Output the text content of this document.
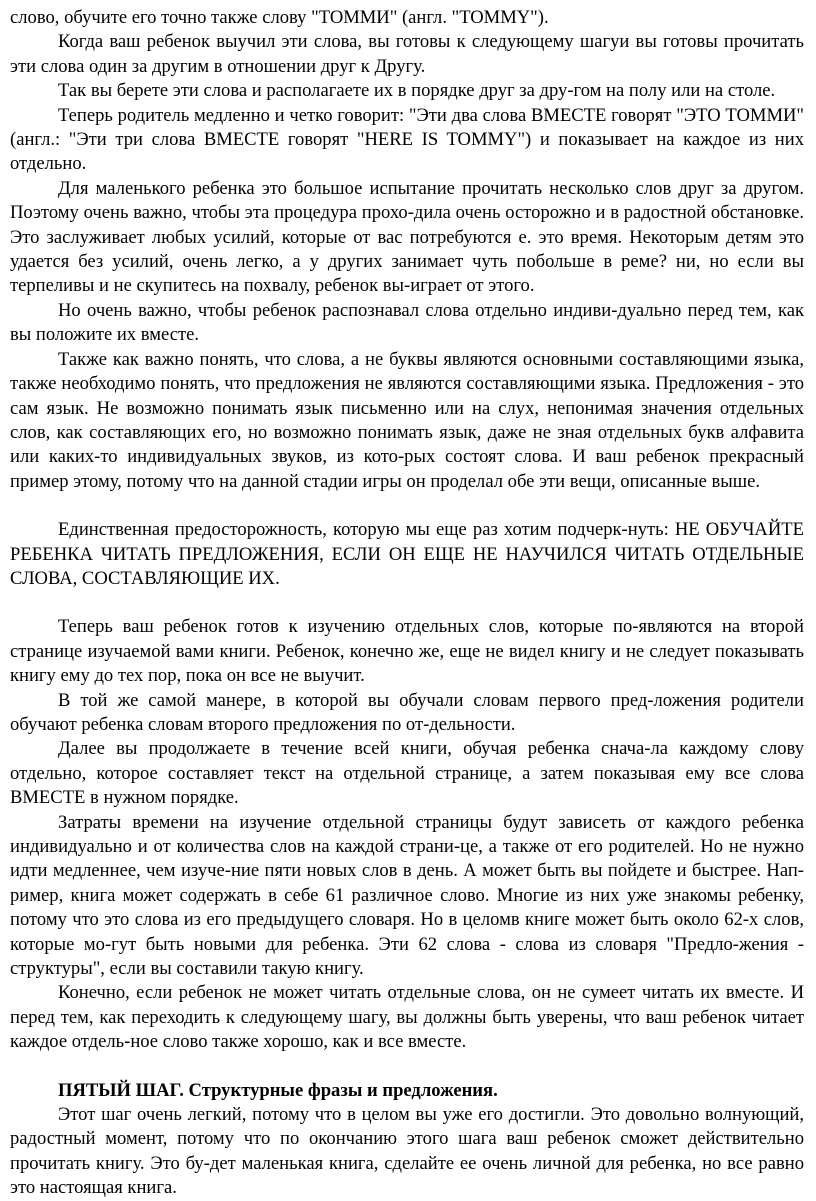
слово, обучите его точно также слову "ТОММИ" (англ. "TOMMY").

Когда ваш ребенок выучил эти слова, вы готовы к следующему шагуи вы готовы прочитать эти слова один за другим в отношении друг к Другу.

Так вы берете эти слова и располагаете их в порядке друг за дру-гом на полу или на столе.

Теперь родитель медленно и четко говорит: "Эти два слова ВМЕСТЕ говорят "ЭТО ТОММИ" (англ.: "Эти три слова ВМЕСТЕ говорят "HERE IS TOMMY") и показывает на каждое из них отдельно.

Для маленького ребенка это большое испытание прочитать несколько слов друг за другом. Поэтому очень важно, чтобы эта процедура прохо-дила очень осторожно и в радостной обстановке. Это заслуживает любых усилий, которые от вас потребуются е. это время. Некоторым детям это удается без усилий, очень легко, а у других занимает чуть побольше в реме? ни, но если вы терпеливы и не скупитесь на похвалу, ребенок вы-играет от этого.

Но очень важно, чтобы ребенок распознавал слова отдельно индиви-дуально перед тем, как вы положите их вместе.

Также как важно понять, что слова, а не буквы являются основными составляющими языка, также необходимо понять, что предложения не являются составляющими языка. Предложения - это сам язык. Не возможно понимать язык письменно или на слух, непонимая значения отдельных слов, как составляющих его, но возможно понимать язык, даже не зная отдельных букв алфавита или каких-то индивидуальных звуков, из кото-рых состоят слова. И ваш ребенок прекрасный пример этому, потому что на данной стадии игры он проделал обе эти вещи, описанные выше.

Единственная предосторожность, которую мы еще раз хотим подчерк-нуть: НЕ ОБУЧАЙТЕ РЕБЕНКА ЧИТАТЬ ПРЕДЛОЖЕНИЯ, ЕСЛИ ОН ЕЩЕ НЕ НАУЧИЛСЯ ЧИТАТЬ ОТДЕЛЬНЫЕ СЛОВА, СОСТАВЛЯЮЩИЕ ИХ.

Теперь ваш ребенок готов к изучению отдельных слов, которые по-являются на второй странице изучаемой вами книги. Ребенок, конечно же, еще не видел книгу и не следует показывать книгу ему до тех пор, пока он все не выучит.

В той же самой манере, в которой вы обучали словам первого пред-ложения родители обучают ребенка словам второго предложения по от-дельности.

Далее вы продолжаете в течение всей книги, обучая ребенка снача-ла каждому слову отдельно, которое составляет текст на отдельной странице, а затем показывая ему все слова ВМЕСТЕ в нужном порядке.

Затраты времени на изучение отдельной страницы будут зависеть от каждого ребенка индивидуально и от количества слов на каждой страни-це, а также от его родителей. Но не нужно идти медленнее, чем изуче-ние пяти новых слов в день. А может быть вы пойдете и быстрее. Нап-ример, книга может содержать в себе 61 различное слово. Многие из них уже знакомы ребенку, потому что это слова из его предыдущего словаря. Но в целомв книге может быть около 62-х слов, которые мо-гут быть новыми для ребенка. Эти 62 слова - слова из словаря "Предло-жения - структуры", если вы составили такую книгу.

Конечно, если ребенок не может читать отдельные слова, он не сумеет читать их вместе. И перед тем, как переходить к следующему шагу, вы должны быть уверены, что ваш ребенок читает каждое отдель-ное слово также хорошо, как и все вместе.

ПЯТЫЙ ШАГ. Структурные фразы и предложения.

Этот шаг очень легкий, потому что в целом вы уже его достигли. Это довольно волнующий, радостный момент, потому что по окончанию этого шага ваш ребенок сможет действительно прочитать книгу. Это бу-дет маленькая книга, сделайте ее очень личной для ребенка, но все равно это настоящая книга.
